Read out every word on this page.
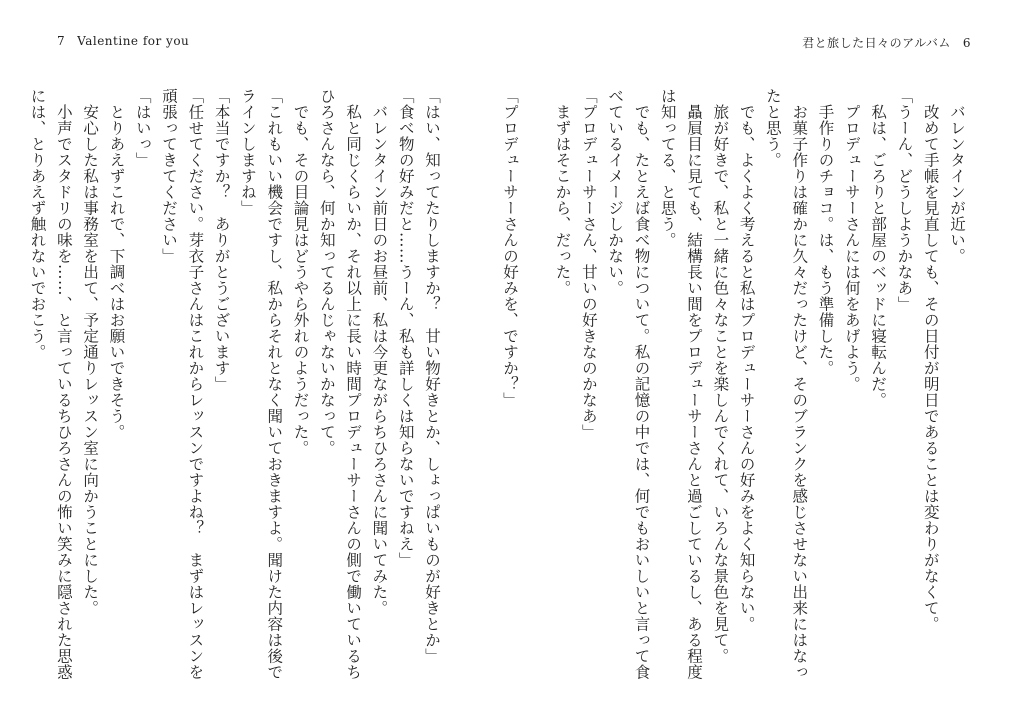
7 Valentine for you	君と旅した日々のアルバム 6

バレンタインが近い。

改めて手帳を見直しても、その日付が明日であることは変わりがなくて。

「うーん、どうしようかなあ」

私は、ごろりと部屋のベッドに寝転んだ。

プロデューサーさんには何をあげよう。

手作りのチョコ。は、もう準備した。

お菓子作りは確かに久々だったけど、そのブランクを感じさせない出来にはなったと思う。

でも、よくよく考えると私はプロデューサーさんの好みをよく知らない。

旅が好きで、私と一緒に色々なことを楽しんでくれて、いろんな景色を見て。

贔屓目に見ても、結構長い間をプロデューサーさんと過ごしているし、ある程度は知ってる、と思う。

でも、たとえば食べ物について。私の記憶の中では、何でもおいしいと言って食べているイメージしかない。

「プロデューサーさん、甘いの好きなのかなあ」

まずはそこから、だった。

「プロデューサーさんの好みを、ですか？」

「はい、知ってたりしますか？　甘い物好きとか、しょっぱいものが好きとか」

「食べ物の好みだと……うーん、私も詳しくは知らないですねえ」

バレンタイン前日のお昼前、私は今更ながらちひろさんに聞いてみた。

私と同じくらいか、それ以上に長い時間プロデューサーさんの側で働いているちひろさんなら、何か知ってるんじゃないかなって。

でも、その目論見はどうやら外れのようだった。

「これもいい機会ですし、私からそれとなく聞いておきますよ。聞けた内容は後でラインしますね」

「本当ですか？　ありがとうございます」

「任せてください。芽衣子さんはこれからレッスンですよね？　まずはレッスンを頑張ってきてください」

「はいっ」

とりあえずこれで、下調べはお願いできそう。

安心した私は事務室を出て、予定通りレッスン室に向かうことにした。

小声でスタドリの味を……、と言っているちひろさんの怖い笑みに隠された思惑には、とりあえず触れないでおこう。
